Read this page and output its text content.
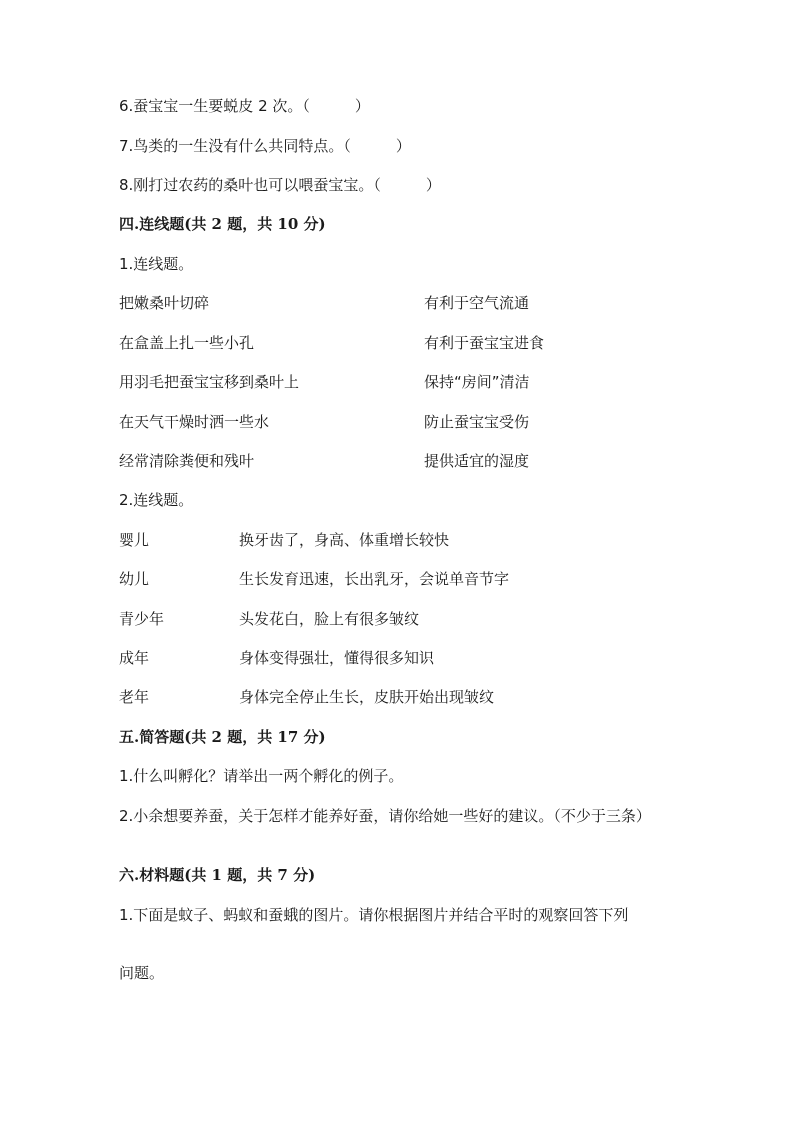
6.蚕宝宝一生要蜕皮 2 次。（　　　）
7.鸟类的一生没有什么共同特点。（　　　）
8.刚打过农药的桑叶也可以喂蚕宝宝。（　　　）
四.连线题(共 2 题，共 10 分)
1.连线题。
把嫩桑叶切碎	有利于空气流通
在盒盖上扎一些小孔	有利于蚕宝宝进食
用羽毛把蚕宝宝移到桑叶上	保持“房间”清洁
在天气干燥时洒一些水	防止蚕宝宝受伤
经常清除粪便和残叶	提供适宜的湿度
2.连线题。
婴儿	换牙齿了，身高、体重增长较快
幼儿	生长发育迅速，长出乳牙，会说单音节字
青少年	头发花白，脸上有很多皱纹
成年	身体变得强壮，懂得很多知识
老年	身体完全停止生长，皮肤开始出现皱纹
五.简答题(共 2 题，共 17 分)
1.什么叫孵化？请举出一两个孵化的例子。
2.小余想要养蚕，关于怎样才能养好蚕，请你给她一些好的建议。（不少于三条）
六.材料题(共 1 题，共 7 分)
1.下面是蚊子、蚂蚁和蚕蛾的图片。请你根据图片并结合平时的观察回答下列
问题。
